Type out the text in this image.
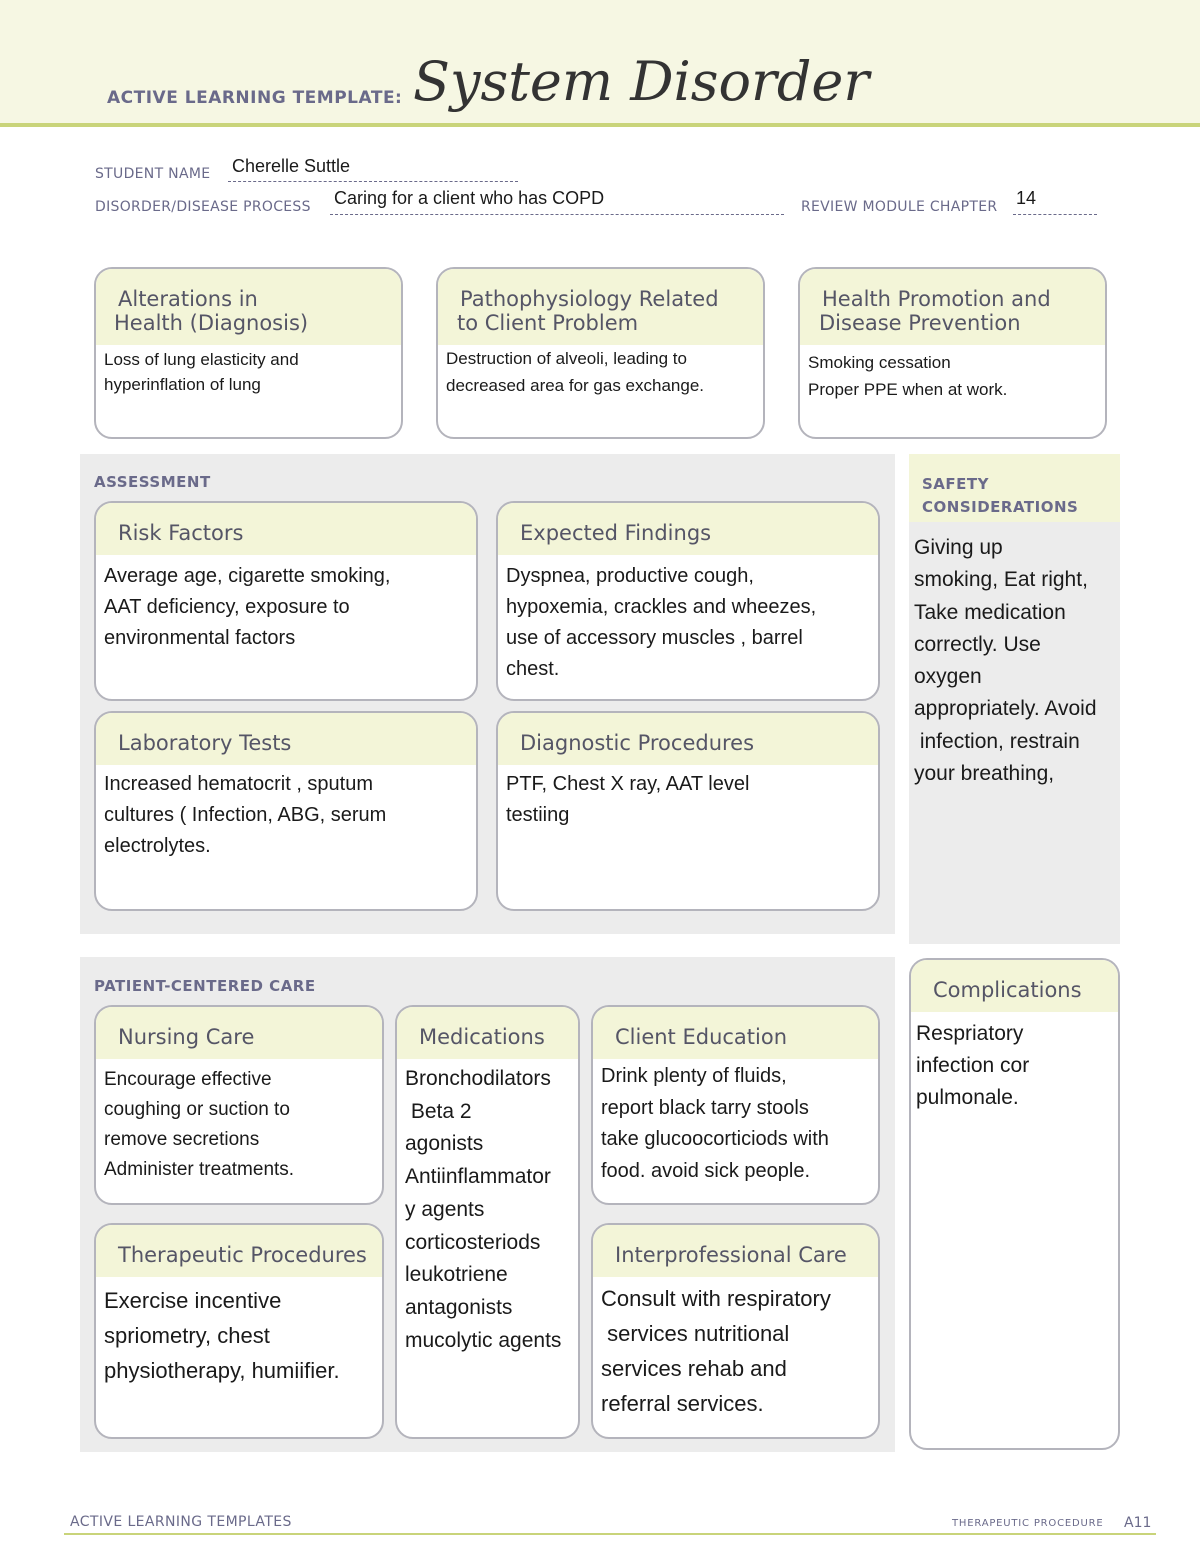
ACTIVE LEARNING TEMPLATE: System Disorder
STUDENT NAME Cherelle Suttle
DISORDER/DISEASE PROCESS Caring for a client who has COPD	REVIEW MODULE CHAPTER 14
Alterations in
Health (Diagnosis)
Loss of lung elasticity and
hyperinflation of lung
Pathophysiology Related
to Client Problem
Destruction of alveoli, leading to
decreased area for gas exchange.
Health Promotion and
Disease Prevention
Smoking cessation
Proper PPE when at work.
ASSESSMENT
Risk Factors
Average age, cigarette smoking,
AAT deficiency, exposure to
environmental factors
Expected Findings
Dyspnea, productive cough,
hypoxemia, crackles and wheezes,
use of accessory muscles , barrel
chest.
Laboratory Tests
Increased hematocrit , sputum
cultures ( Infection, ABG, serum
electrolytes.
Diagnostic Procedures
PTF, Chest X ray, AAT level
testiing
SAFETY
CONSIDERATIONS
Giving up
smoking, Eat right,
Take medication
correctly. Use
oxygen
appropriately. Avoid
infection, restrain
your breathing,
PATIENT-CENTERED CARE
Nursing Care
Encourage effective
coughing or suction to
remove secretions
Administer treatments.
Medications
Bronchodilators
Beta 2
agonists
Antiinflammator
y agents
corticosteriods
leukotriene
antagonists
mucolytic agents
Client Education
Drink plenty of fluids,
report black tarry stools
take glucoocorticiods with
food. avoid sick people.
Therapeutic Procedures
Exercise incentive
spriometry, chest
physiotherapy, humiifier.
Interprofessional Care
Consult with respiratory
services nutritional
services rehab and
referral services.
Complications
Respriatory
infection cor
pulmonale.
ACTIVE LEARNING TEMPLATES	THERAPEUTIC PROCEDURE A11
